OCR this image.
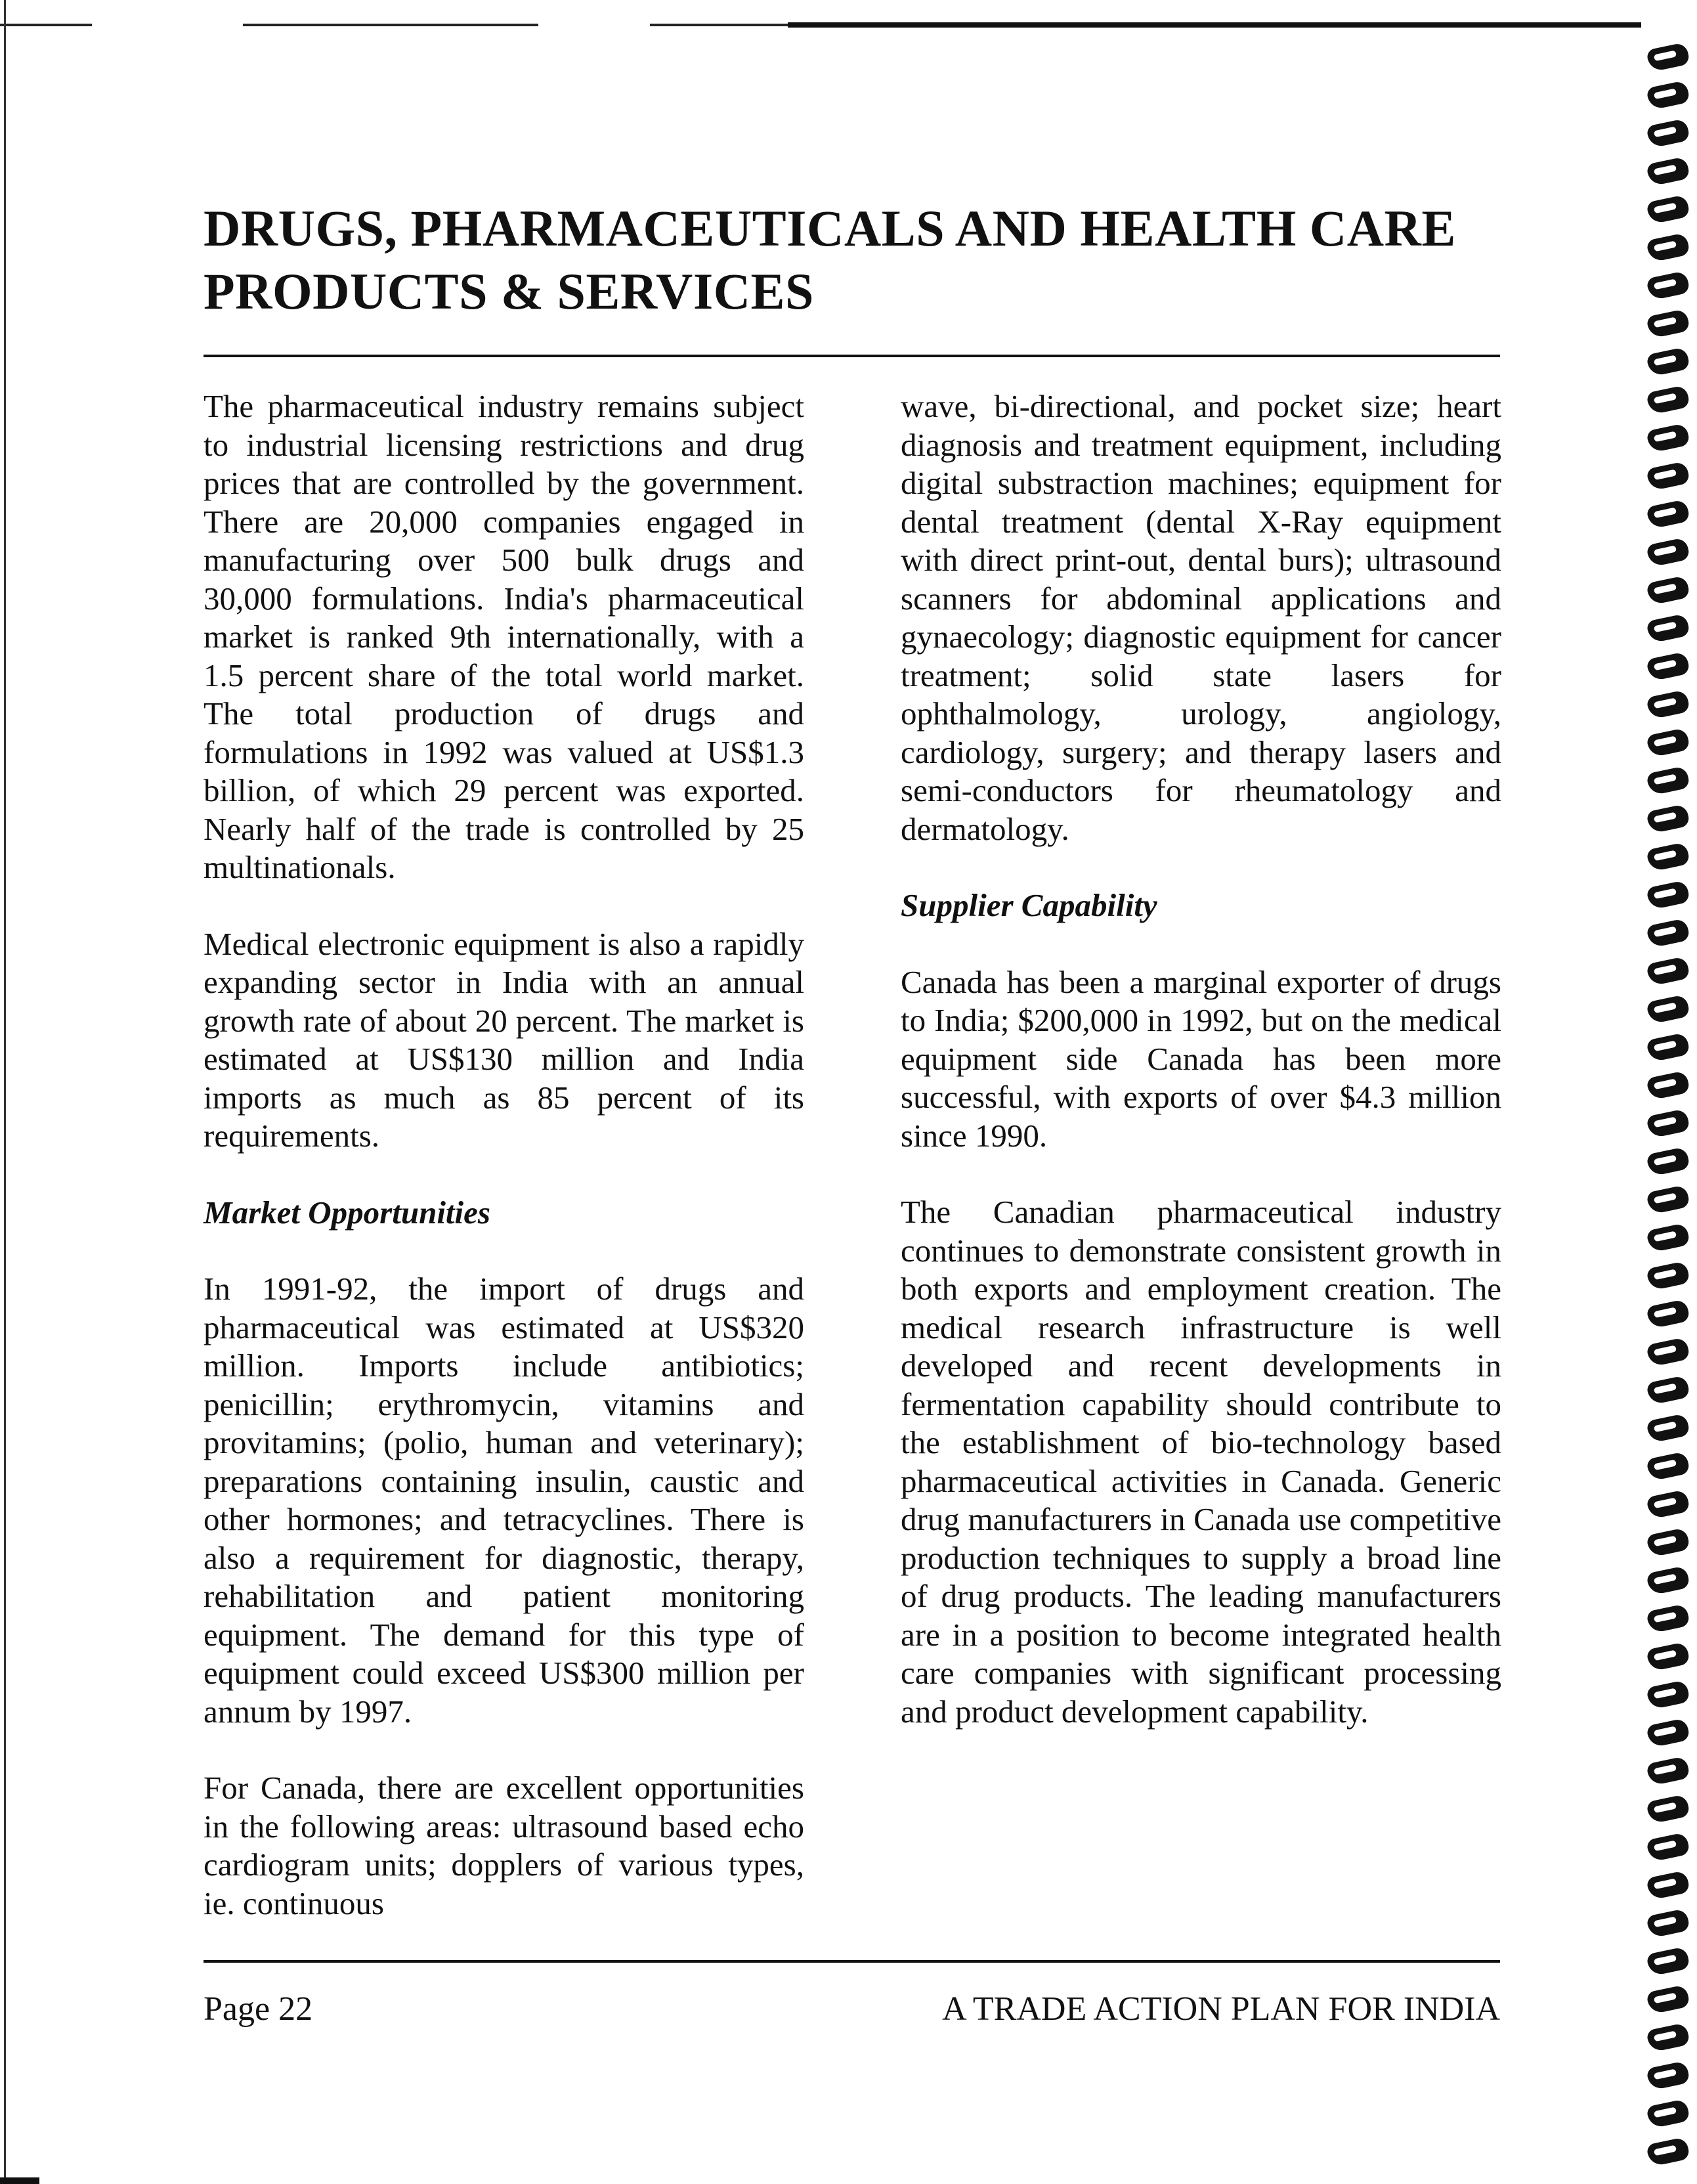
DRUGS, PHARMACEUTICALS AND HEALTH CARE
PRODUCTS & SERVICES

The pharmaceutical industry remains subject to industrial licensing restrictions and drug prices that are controlled by the government. There are 20,000 companies engaged in manufacturing over 500 bulk drugs and 30,000 formulations. India's pharmaceutical market is ranked 9th internationally, with a 1.5 percent share of the total world market. The total production of drugs and formulations in 1992 was valued at US$1.3 billion, of which 29 percent was exported. Nearly half of the trade is controlled by 25 multinationals.

Medical electronic equipment is also a rapidly expanding sector in India with an annual growth rate of about 20 percent. The market is estimated at US$130 million and India imports as much as 85 percent of its requirements.

Market Opportunities

In 1991-92, the import of drugs and pharmaceutical was estimated at US$320 million. Imports include antibiotics; penicillin; erythromycin, vitamins and provitamins; (polio, human and veterinary); preparations containing insulin, caustic and other hormones; and tetracyclines. There is also a requirement for diagnostic, therapy, rehabilitation and patient monitoring equipment. The demand for this type of equipment could exceed US$300 million per annum by 1997.

For Canada, there are excellent opportunities in the following areas: ultrasound based echo cardiogram units; dopplers of various types, ie. continuous

wave, bi-directional, and pocket size; heart diagnosis and treatment equipment, including digital substraction machines; equipment for dental treatment (dental X-Ray equipment with direct print-out, dental burs); ultrasound scanners for abdominal applications and gynaecology; diagnostic equipment for cancer treatment; solid state lasers for ophthalmology, urology, angiology, cardiology, surgery; and therapy lasers and semi-conductors for rheumatology and dermatology.

Supplier Capability

Canada has been a marginal exporter of drugs to India; $200,000 in 1992, but on the medical equipment side Canada has been more successful, with exports of over $4.3 million since 1990.

The Canadian pharmaceutical industry continues to demonstrate consistent growth in both exports and employment creation. The medical research infrastructure is well developed and recent developments in fermentation capability should contribute to the establishment of bio-technology based pharmaceutical activities in Canada. Generic drug manufacturers in Canada use competitive production techniques to supply a broad line of drug products. The leading manufacturers are in a position to become integrated health care companies with significant processing and product development capability.

Page 22	A TRADE ACTION PLAN FOR INDIA
